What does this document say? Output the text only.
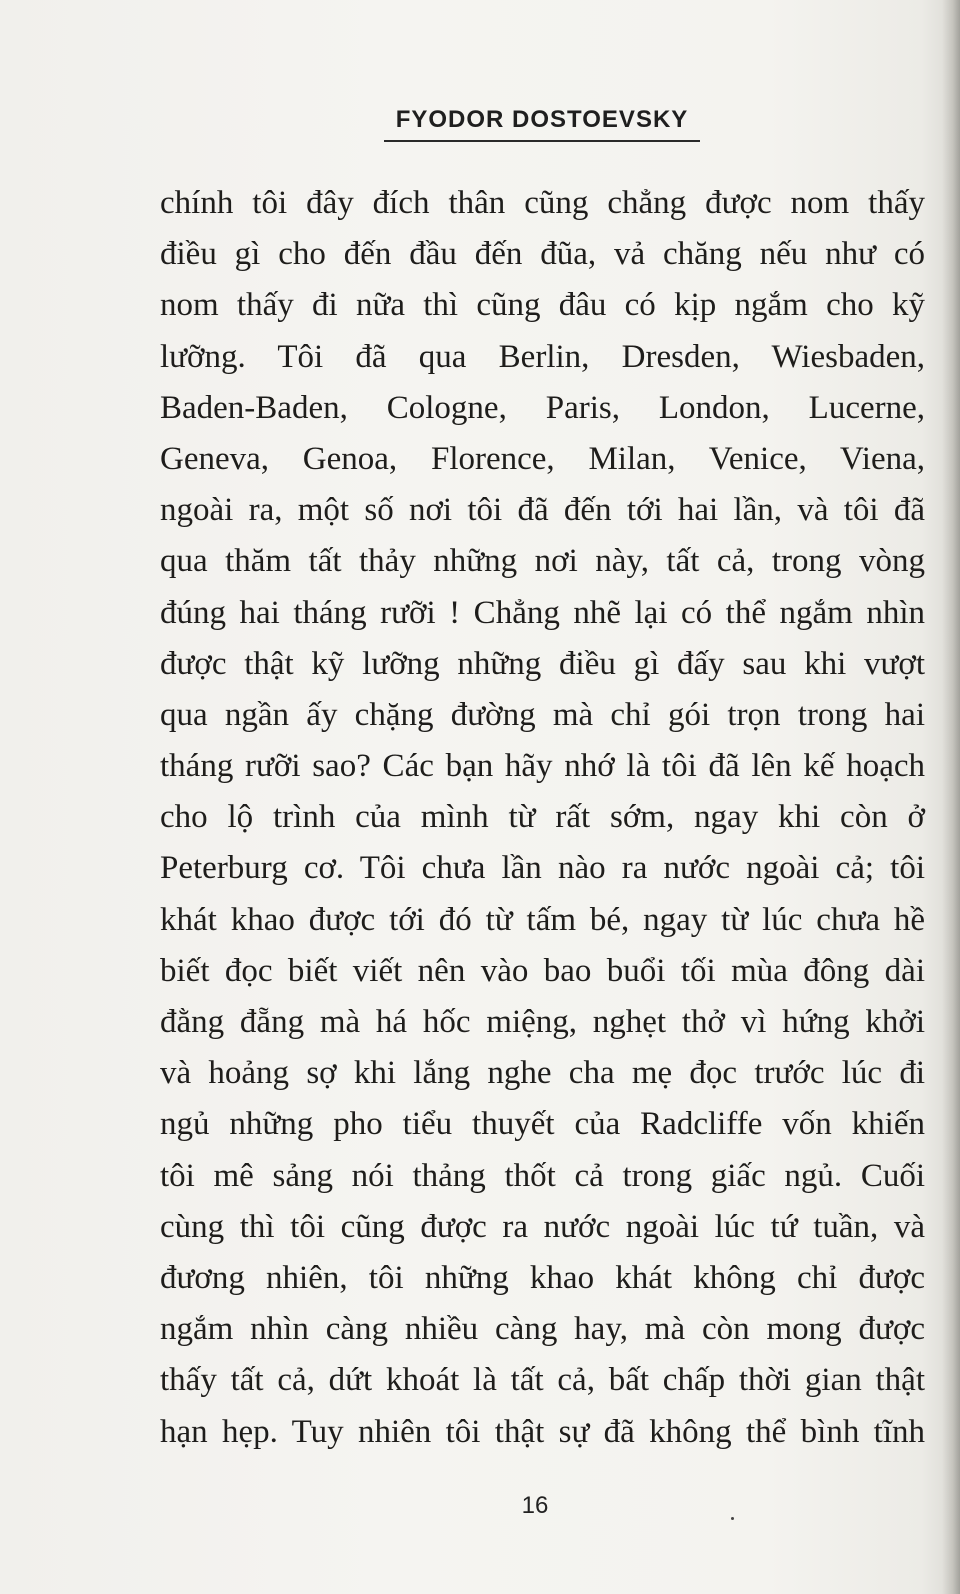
FYODOR DOSTOEVSKY
chính tôi đây đích thân cũng chẳng được nom thấy
điều gì cho đến đầu đến đũa, vả chăng nếu như có
nom thấy đi nữa thì cũng đâu có kịp ngắm cho kỹ
lưỡng. Tôi đã qua Berlin, Dresden, Wiesbaden,
Baden-Baden, Cologne, Paris, London, Lucerne,
Geneva, Genoa, Florence, Milan, Venice, Viena,
ngoài ra, một số nơi tôi đã đến tới hai lần, và tôi đã
qua thăm tất thảy những nơi này, tất cả, trong vòng
đúng hai tháng rưỡi ! Chẳng nhẽ lại có thể ngắm nhìn
được thật kỹ lưỡng những điều gì đấy sau khi vượt
qua ngần ấy chặng đường mà chỉ gói trọn trong hai
tháng rưỡi sao? Các bạn hãy nhớ là tôi đã lên kế hoạch
cho lộ trình của mình từ rất sớm, ngay khi còn ở
Peterburg cơ. Tôi chưa lần nào ra nước ngoài cả; tôi
khát khao được tới đó từ tấm bé, ngay từ lúc chưa hề
biết đọc biết viết nên vào bao buổi tối mùa đông dài
đằng đẵng mà há hốc miệng, nghẹt thở vì hứng khởi
và hoảng sợ khi lắng nghe cha mẹ đọc trước lúc đi
ngủ những pho tiểu thuyết của Radcliffe vốn khiến
tôi mê sảng nói thảng thốt cả trong giấc ngủ. Cuối
cùng thì tôi cũng được ra nước ngoài lúc tứ tuần, và
đương nhiên, tôi những khao khát không chỉ được
ngắm nhìn càng nhiều càng hay, mà còn mong được
thấy tất cả, dứt khoát là tất cả, bất chấp thời gian thật
hạn hẹp. Tuy nhiên tôi thật sự đã không thể bình tĩnh
16
